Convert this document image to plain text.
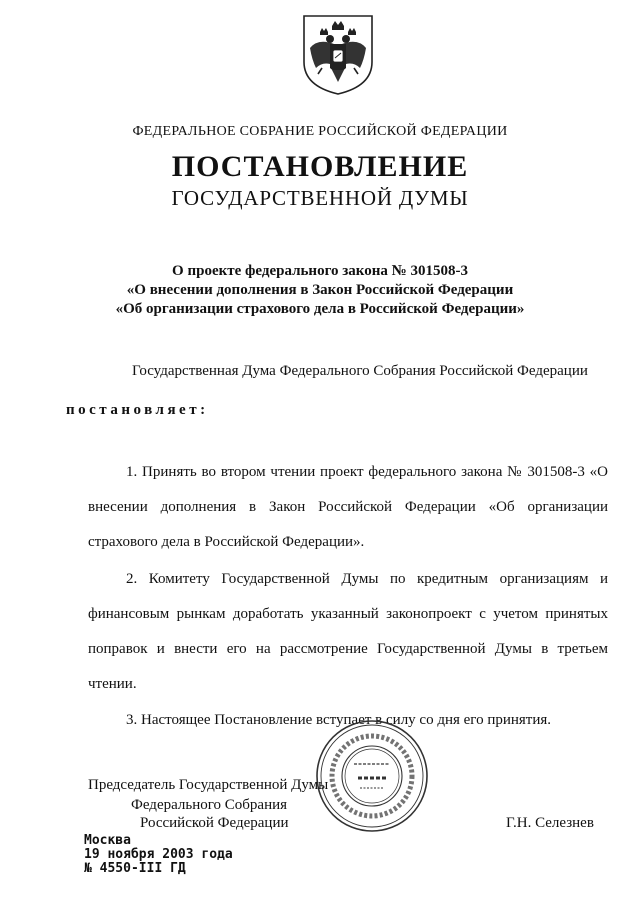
ФЕДЕРАЛЬНОЕ СОБРАНИЕ РОССИЙСКОЙ ФЕДЕРАЦИИ
ПОСТАНОВЛЕНИЕ
ГОСУДАРСТВЕННОЙ ДУМЫ
О проекте федерального закона № 301508-3
«О внесении дополнения в Закон Российской Федерации
«Об организации страхового дела в Российской Федерации»
Государственная Дума Федерального Собрания Российской Федерации
постановляет:
1. Принять во втором чтении проект федерального закона № 301508-3 «О внесении дополнения в Закон Российской Федерации «Об организации страхового дела в Российской Федерации».
2. Комитету Государственной Думы по кредитным организациям и финансовым рынкам доработать указанный законопроект с учетом принятых поправок и внести его на рассмотрение Государственной Думы в третьем чтении.
3. Настоящее Постановление вступает в силу со дня его принятия.
Председатель Государственной Думы
Федерального Собрания
Российской Федерации	Г.Н. Селезнев
Москва
19 ноября 2003 года
№ 4550-III ГД
